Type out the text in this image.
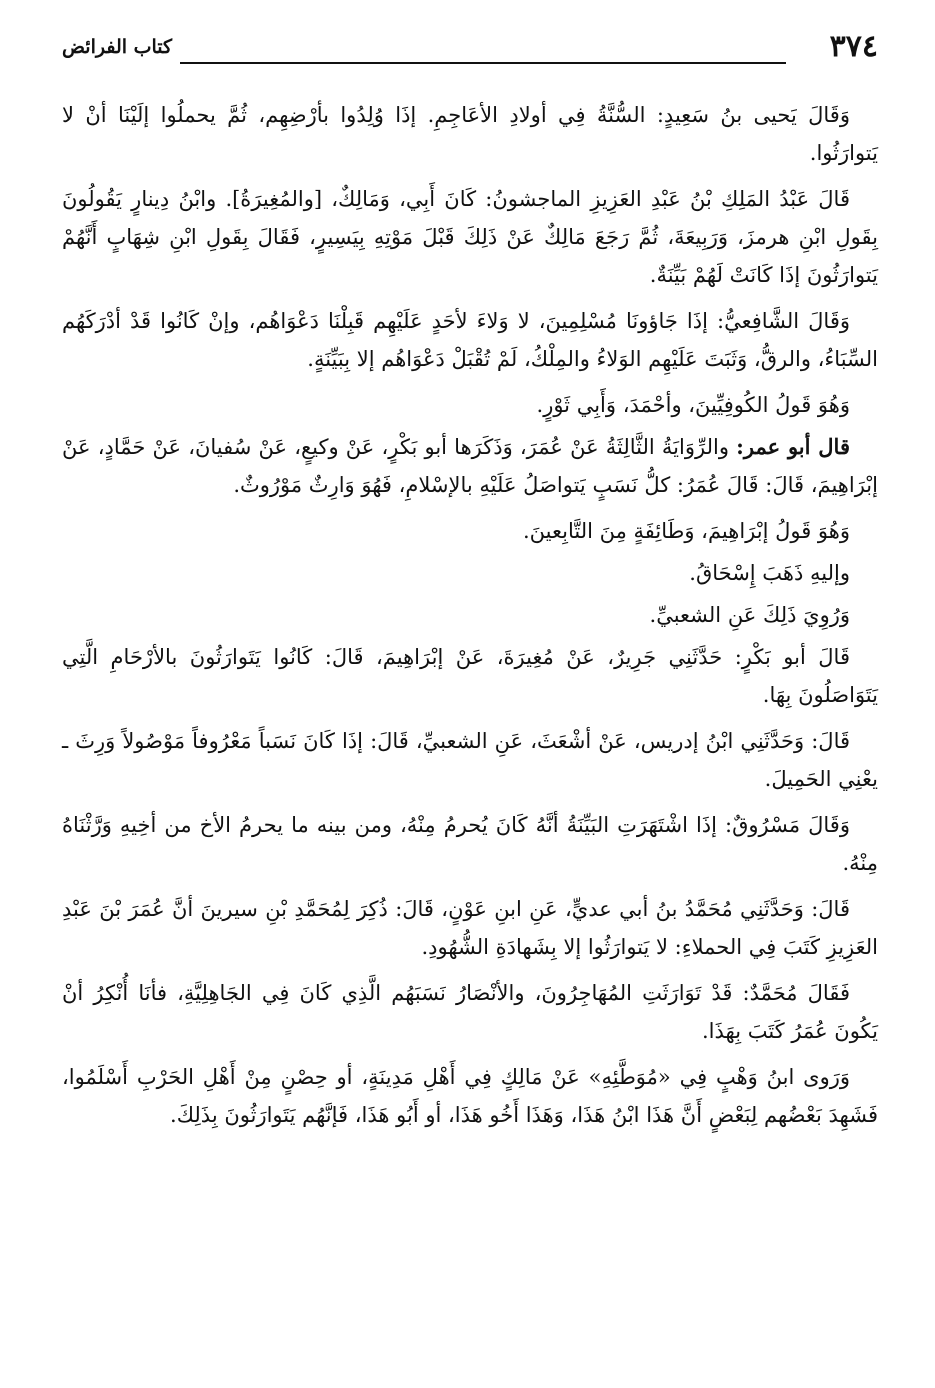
٣٧٤
كتاب الفرائض

وَقَالَ يَحيى بنُ سَعِيدٍ: السُّنَّةُ فِي أولادِ الأعَاجِمِ. إذَا وُلِدُوا بأرْضِهِم، ثُمَّ يحملُوا إلَيْنَا أنْ لا يَتوارَثُوا.

قَالَ عَبْدُ المَلِكِ بْنُ عَبْدِ العَزِيزِ الماجشونُ: كَانَ أَبِي، وَمَالِكٌ، [والمُغِيرَةُ]. وابْنُ دِينارٍ يَقُولُونَ بِقَولِ ابْنِ هرمزَ، وَرَبِيعَةَ، ثُمَّ رَجَعَ مَالِكٌ عَنْ ذَلِكَ قَبْلَ مَوْتِهِ بِيَسِيرٍ، فَقَالَ بِقَولِ ابْنِ شِهَابٍ أَنَّهُمْ يَتوارَثُونَ إذَا كَانَتْ لَهُمْ بَيِّنَةٌ.

وَقَالَ الشَّافِعيُّ: إذَا جَاؤونَا مُسْلِمِينَ، لا وَلاءَ لأحَدٍ عَلَيْهِم قَبِلْنَا دَعْوَاهُم، وإنْ كَانُوا قَدْ أدْرَكَهُم السِّبَاءُ، والرقُّ، وَثَبَتَ عَلَيْهِم الوَلاءُ والمِلْكُ، لَمْ تُقْبَلْ دَعْوَاهُم إلا بِبَيِّنَةٍ.

وَهُوَ قَولُ الكُوفِيِّينَ، وأحْمَدَ، وَأَبِي ثَوْرٍ.

قال أبو عمر: والرِّوَايَةُ الثَّالِثَةُ عَنْ عُمَرَ، وَذَكَرَها أبو بَكْرٍ، عَنْ وكيعٍ، عَنْ سُفيانَ، عَنْ حَمَّادٍ، عَنْ إبْرَاهِيمَ، قَالَ: قَالَ عُمَرُ: كلُّ نَسَبٍ يَتواصَلُ عَلَيْهِ بالإسْلامِ، فَهُوَ وَارِثٌ مَوْرُوثٌ.

وَهُوَ قَولُ إبْرَاهِيمَ، وَطَائِفَةٍ مِنَ التَّابِعينَ.

وإليهِ ذَهَبَ إِسْحَاقُ.

وَرُوِيَ ذَلِكَ عَنِ الشعبيِّ.

قَالَ أبو بَكْرٍ: حَدَّثَنِي جَرِيرٌ، عَنْ مُغِيرَةَ، عَنْ إبْرَاهِيمَ، قَالَ: كَانُوا يَتَوارَثُونَ بالأرْحَامِ الَّتِي يَتَوَاصَلُونَ بِهَا.

قَالَ: وَحَدَّثَنِي ابْنُ إدريس، عَنْ أشْعَثَ، عَنِ الشعبيِّ، قَالَ: إذَا كَانَ نَسَباً مَعْرُوفاً مَوْصُولاً وَرِثَ ـ يعْنِي الحَمِيلَ.

وَقَالَ مَسْرُوقٌ: إذَا اشْتَهَرَتِ البَيِّنَةُ أنَّهُ كَانَ يُحرمُ مِنْهُ، ومن بينه ما يحرمُ الأخ من أخِيهِ وَرَّثْنَاهُ مِنْهُ.

قَالَ: وَحَدَّثَنِي مُحَمَّدُ بنُ أبي عديٍّ، عَنِ ابنِ عَوْنٍ، قَالَ: ذُكِرَ لِمُحَمَّدِ بْنِ سيرينَ أنَّ عُمَرَ بْنَ عَبْدِ العَزِيزِ كَتَبَ فِي الحملاءِ: لا يَتوارَثُوا إلا بِشَهادَةِ الشُّهُودِ.

فَقَالَ مُحَمَّدٌ: قَدْ تَوَارَثَتِ المُهَاجِرُونَ، والأنْصَارُ نَسَبَهُم الَّذِي كَانَ فِي الجَاهِلِيَّةِ، فأنَا أُنْكِرُ أنْ يَكُونَ عُمَرُ كَتَبَ بِهَذَا.

وَرَوى ابنُ وَهْبٍ فِي «مُوَطَّئِهِ» عَنْ مَالِكٍ فِي أَهْلِ مَدِينَةٍ، أو حِصْنٍ مِنْ أَهْلِ الحَرْبِ أَسْلَمُوا، فَشَهِدَ بَعْضُهم لِبَعْضٍ أَنَّ هَذَا ابْنُ هَذَا، وَهَذَا أَخُو هَذَا، أو أَبُو هَذَا، فَإنَّهُم يَتَوارَثُونَ بِذَلِكَ.
